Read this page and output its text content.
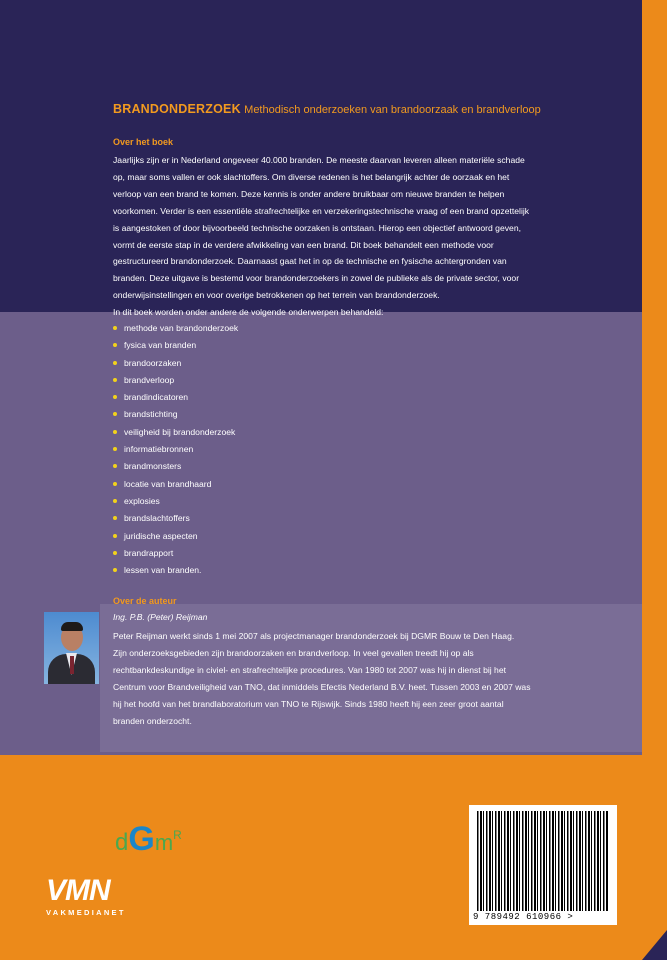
BRANDONDERZOEK Methodisch onderzoeken van brandoorzaak en brandverloop
Over het boek

Jaarlijks zijn er in Nederland ongeveer 40.000 branden. De meeste daarvan leveren alleen materiële schade

op, maar soms vallen er ook slachtoffers. Om diverse redenen is het belangrijk achter de oorzaak en het

verloop van een brand te komen. Deze kennis is onder andere bruikbaar om nieuwe branden te helpen

voorkomen. Verder is een essentiële strafrechtelijke en verzekeringstechnische vraag of een brand opzettelijk

is aangestoken of door bijvoorbeeld technische oorzaken is ontstaan. Hierop een objectief antwoord geven,

vormt de eerste stap in de verdere afwikkeling van een brand. Dit boek behandelt een methode voor

gestructureerd brandonderzoek. Daarnaast gaat het in op de technische en fysische achtergronden van

branden. Deze uitgave is bestemd voor brandonderzoekers in zowel de publieke als de private sector, voor

onderwijsinstellingen en voor overige betrokkenen op het terrein van brandonderzoek.

In dit boek worden onder andere de volgende onderwerpen behandeld:

methode van brandonderzoek
fysica van branden
brandoorzaken
brandverloop
brandindicatoren
brandstichting
veiligheid bij brandonderzoek
informatiebronnen
brandmonsters
locatie van brandhaard
explosies
brandslachtoffers
juridische aspecten
brandrapport
lessen van branden.
Over de auteur
Ing. P.B. (Peter) Reijman
Peter Reijman werkt sinds 1 mei 2007 als projectmanager brandonderzoek bij DGMR Bouw te Den Haag.
Zijn onderzoeksgebieden zijn brandoorzaken en brandverloop. In veel gevallen treedt hij op als
rechtbankdeskundige in civiel- en strafrechtelijke procedures. Van 1980 tot 2007 was hij in dienst bij het
Centrum voor Brandveiligheid van TNO, dat inmiddels Efectis Nederland B.V. heet. Tussen 2003 en 2007 was
hij het hoofd van het brandlaboratorium van TNO te Rijswijk. Sinds 1980 heeft hij een zeer groot aantal
branden onderzocht.
dGm$^R$
VMN
VAKMEDIANET	9 789492 610966 >
